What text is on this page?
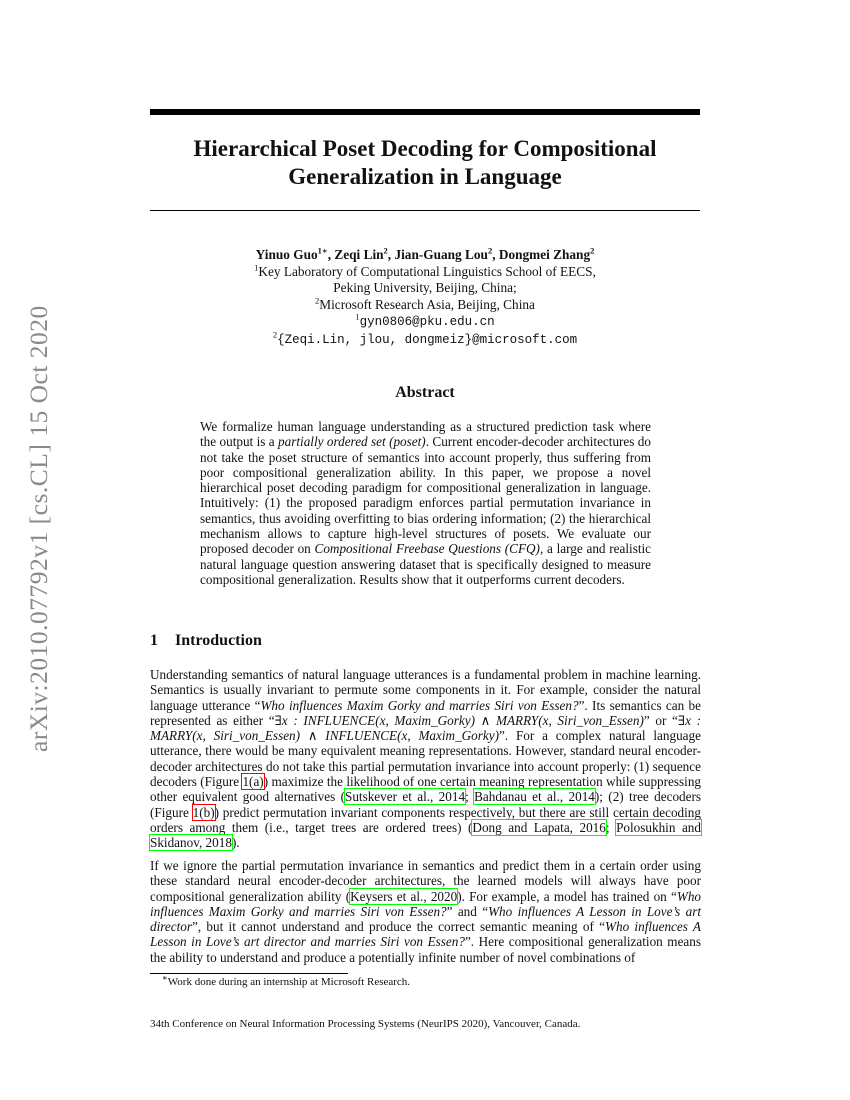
arXiv:2010.07792v1 [cs.CL] 15 Oct 2020
Hierarchical Poset Decoding for Compositional
Generalization in Language
Yinuo Guo$^{1∗}$, Zeqi Lin$^2$, Jian-Guang Lou$^2$, Dongmei Zhang$^2$
$^1$Key Laboratory of Computational Linguistics School of EECS,
Peking University, Beijing, China;
$^2$Microsoft Research Asia, Beijing, China
$^1$gyn0806@pku.edu.cn
$^2${Zeqi.Lin, jlou, dongmeiz}@microsoft.com
Abstract
We formalize human language understanding as a structured prediction task where the output is a partially ordered set (poset). Current encoder-decoder architectures do not take the poset structure of semantics into account properly, thus suffering from poor compositional generalization ability. In this paper, we propose a novel hierarchical poset decoding paradigm for compositional generalization in language. Intuitively: (1) the proposed paradigm enforces partial permutation invariance in semantics, thus avoiding overfitting to bias ordering information; (2) the hierarchical mechanism allows to capture high-level structures of posets. We evaluate our proposed decoder on Compositional Freebase Questions (CFQ), a large and realistic natural language question answering dataset that is specifically designed to measure compositional generalization. Results show that it outperforms current decoders.
1 Introduction
Understanding semantics of natural language utterances is a fundamental problem in machine learning. Semantics is usually invariant to permute some components in it. For example, consider the natural language utterance “Who influences Maxim Gorky and marries Siri von Essen?”. Its semantics can be represented as either “∃x : INFLUENCE(x, Maxim_Gorky) ∧ MARRY(x, Siri_von_Essen)” or “∃x : MARRY(x, Siri_von_Essen) ∧ INFLUENCE(x, Maxim_Gorky)”. For a complex natural language utterance, there would be many equivalent meaning representations. However, standard neural encoder-decoder architectures do not take this partial permutation invariance into account properly: (1) sequence decoders (Figure 1(a)) maximize the likelihood of one certain meaning representation while suppressing other equivalent good alternatives (Sutskever et al., 2014; Bahdanau et al., 2014); (2) tree decoders (Figure 1(b)) predict permutation invariant components respectively, but there are still certain decoding orders among them (i.e., target trees are ordered trees) (Dong and Lapata, 2016; Polosukhin and Skidanov, 2018).
If we ignore the partial permutation invariance in semantics and predict them in a certain order using these standard neural encoder-decoder architectures, the learned models will always have poor compositional generalization ability (Keysers et al., 2020). For example, a model has trained on “Who influences Maxim Gorky and marries Siri von Essen?” and “Who influences A Lesson in Love’s art director”, but it cannot understand and produce the correct semantic meaning of “Who influences A Lesson in Love’s art director and marries Siri von Essen?”. Here compositional generalization means the ability to understand and produce a potentially infinite number of novel combinations of
∗Work done during an internship at Microsoft Research.
34th Conference on Neural Information Processing Systems (NeurIPS 2020), Vancouver, Canada.
